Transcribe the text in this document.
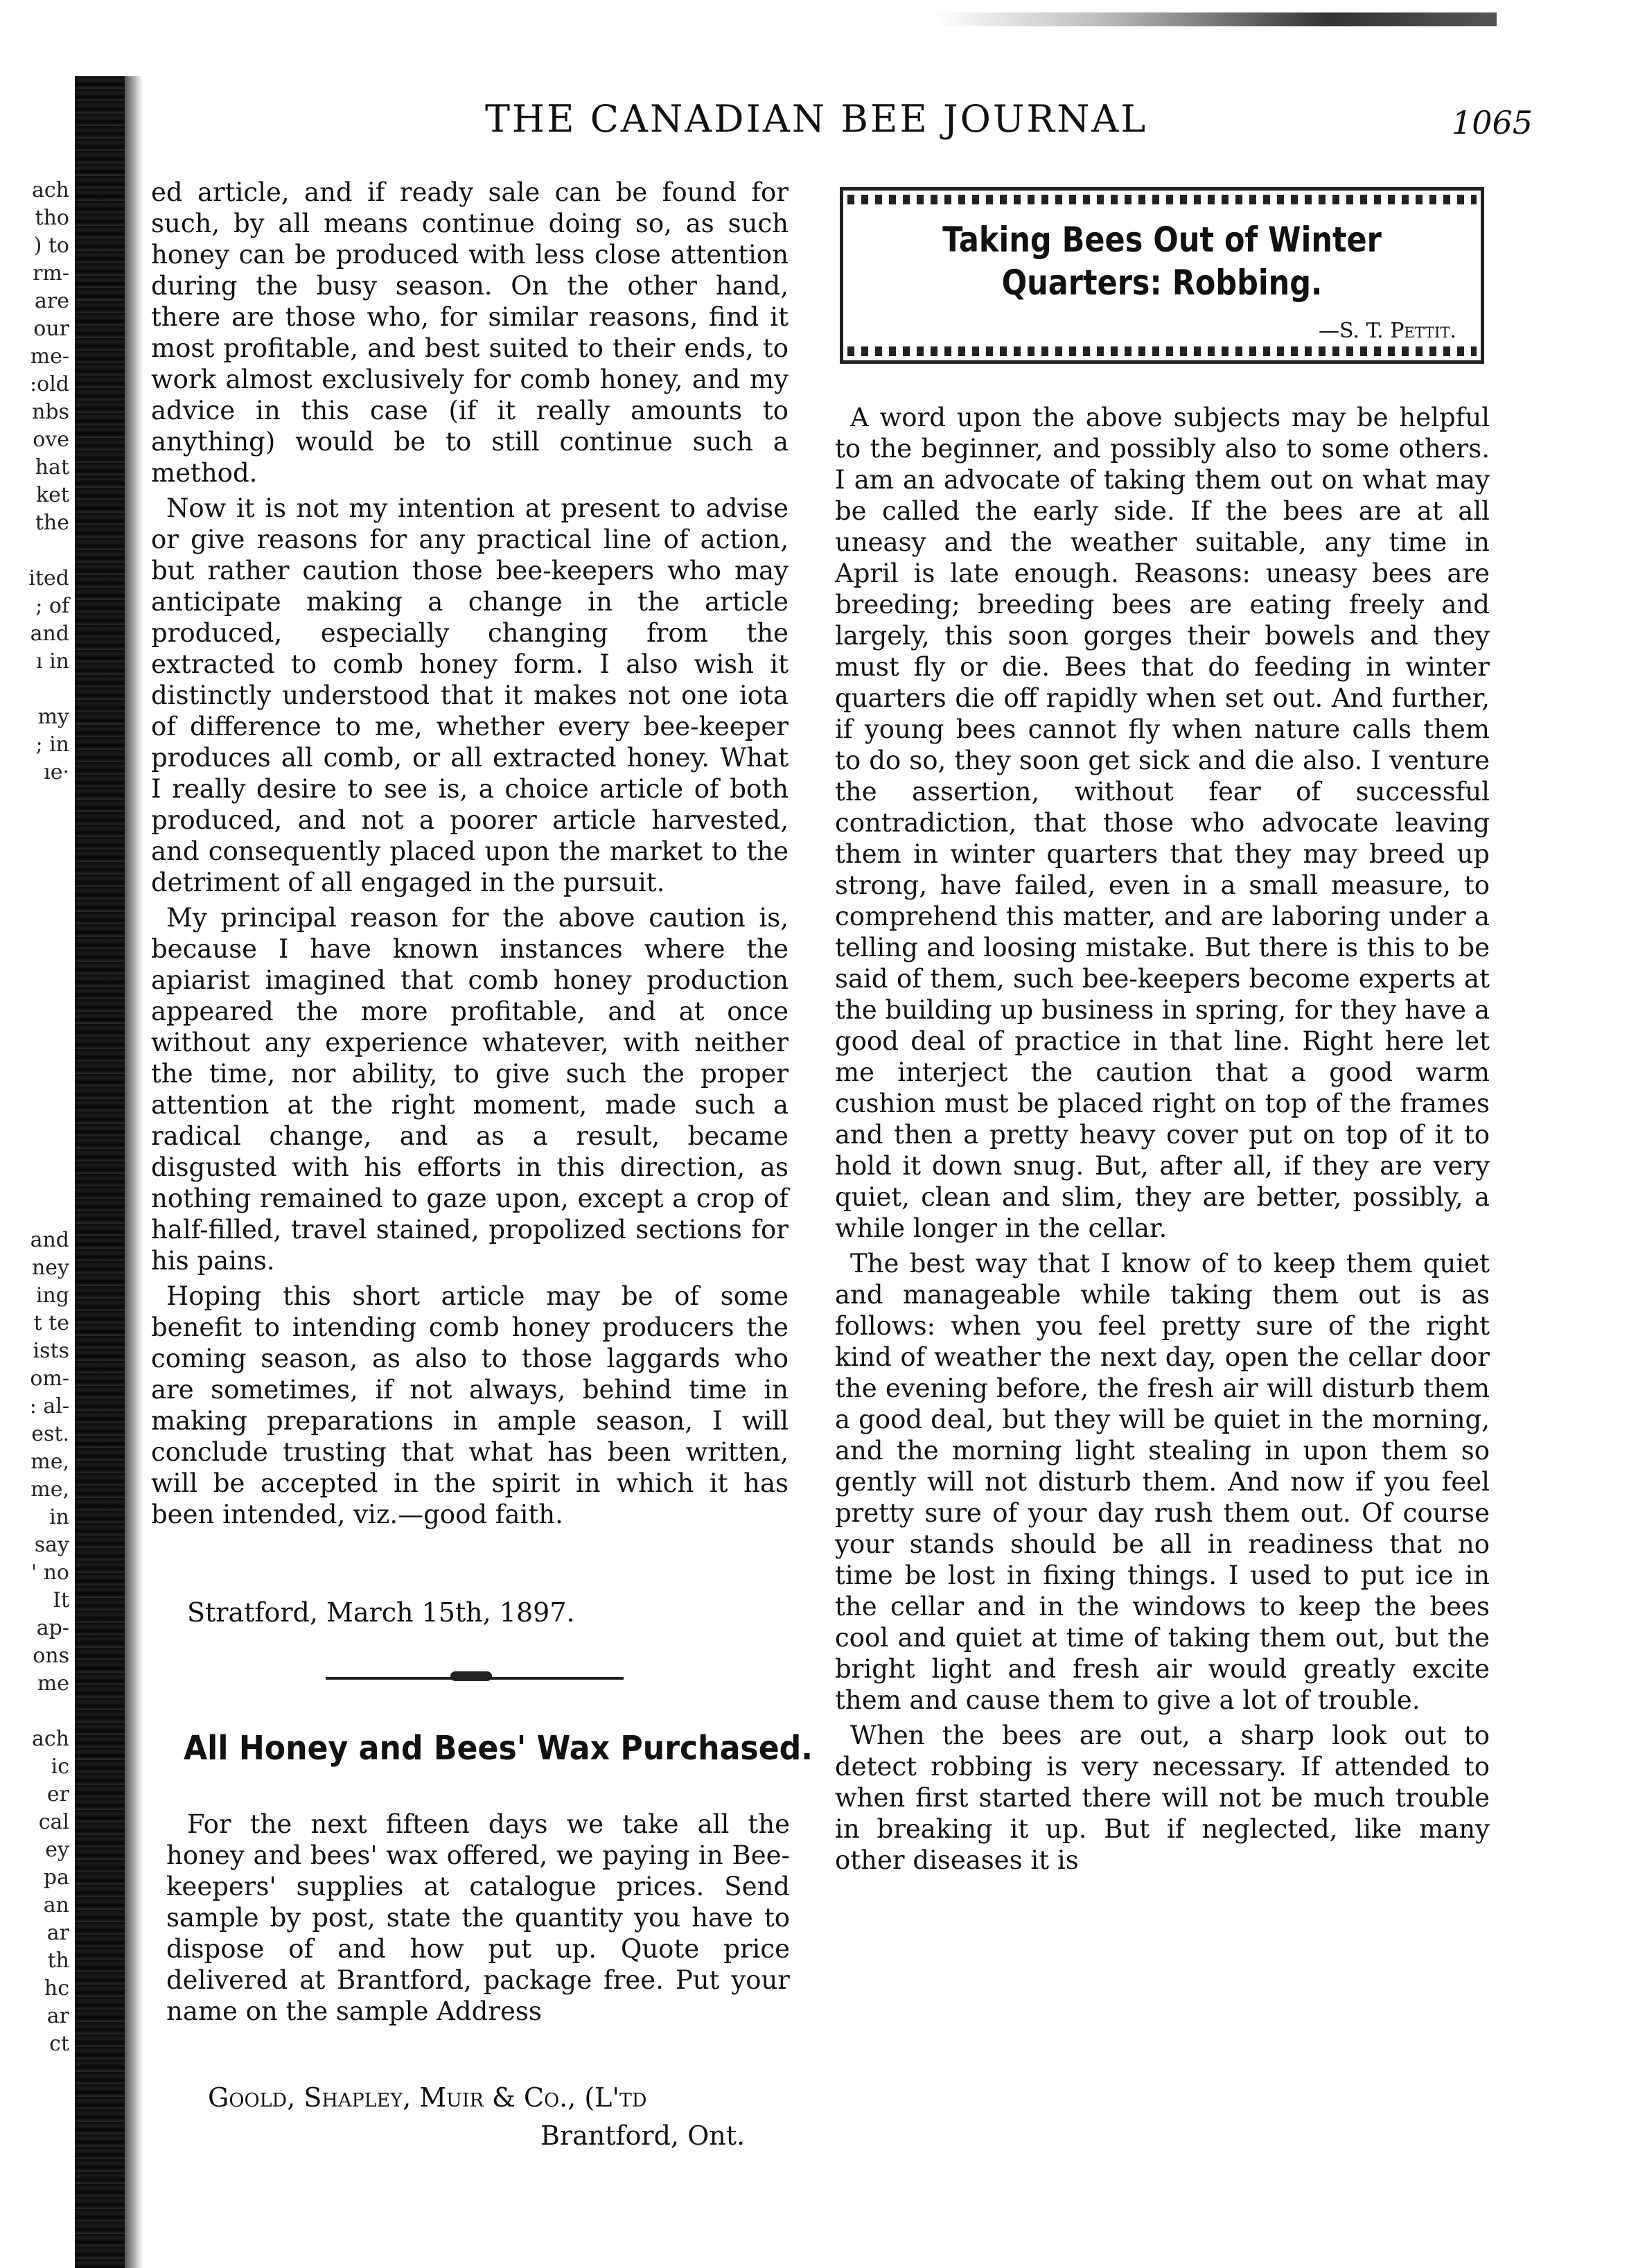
ach
tho
) to
rm-
are
our
me-
:old
nbs
ove
hat
ket
the

ited
; of
and
ı in

my
; in
ıe·
and
ney
ing
t te
ists
om-
: al-
est.
me,
me,
in
say
' no
It
ap-
ons
me

ach
ic
er
cal
ey
pa
an
ar
th
hc
ar
ct
THE CANADIAN BEE JOURNAL	1065

ed article, and if ready sale can be found for such, by all means continue doing so, as such honey can be produced with less close attention during the busy season. On the other hand, there are those who, for similar reasons, find it most profitable, and best suited to their ends, to work almost exclusively for comb honey, and my advice in this case (if it really amounts to anything) would be to still continue such a method.

Now it is not my intention at present to advise or give reasons for any practical line of action, but rather caution those bee-keepers who may anticipate making a change in the article produced, especially changing from the extracted to comb honey form. I also wish it distinctly understood that it makes not one iota of difference to me, whether every bee-keeper produces all comb, or all extracted honey. What I really desire to see is, a choice article of both produced, and not a poorer article harvested, and consequently placed upon the market to the detriment of all engaged in the pursuit.

My principal reason for the above caution is, because I have known instances where the apiarist imagined that comb honey production appeared the more profitable, and at once without any experience whatever, with neither the time, nor ability, to give such the proper attention at the right moment, made such a radical change, and as a result, became disgusted with his efforts in this direction, as nothing remained to gaze upon, except a crop of half-filled, travel stained, propolized sections for his pains.

Hoping this short article may be of some benefit to intending comb honey producers the coming season, as also to those laggards who are sometimes, if not always, behind time in making preparations in ample season, I will conclude trusting that what has been written, will be accepted in the spirit in which it has been intended, viz.—good faith.

Stratford, March 15th, 1897.
All Honey and Bees' Wax Purchased.

For the next fifteen days we take all the honey and bees' wax offered, we paying in Bee-keepers' supplies at catalogue prices. Send sample by post, state the quantity you have to dispose of and how put up. Quote price delivered at Brantford, package free. Put your name on the sample Address

Goold, Shapley, Muir & Co., (L'td
Brantford, Ont.
Taking Bees Out of Winter
Quarters: Robbing.
—S. T. Pettit.

A word upon the above subjects may be helpful to the beginner, and possibly also to some others. I am an advocate of taking them out on what may be called the early side. If the bees are at all uneasy and the weather suitable, any time in April is late enough. Reasons: uneasy bees are breeding; breeding bees are eating freely and largely, this soon gorges their bowels and they must fly or die. Bees that do feeding in winter quarters die off rapidly when set out. And further, if young bees cannot fly when nature calls them to do so, they soon get sick and die also. I venture the assertion, without fear of successful contradiction, that those who advocate leaving them in winter quarters that they may breed up strong, have failed, even in a small measure, to comprehend this matter, and are laboring under a telling and loosing mistake. But there is this to be said of them, such bee-keepers become experts at the building up business in spring, for they have a good deal of practice in that line. Right here let me interject the caution that a good warm cushion must be placed right on top of the frames and then a pretty heavy cover put on top of it to hold it down snug. But, after all, if they are very quiet, clean and slim, they are better, possibly, a while longer in the cellar.

The best way that I know of to keep them quiet and manageable while taking them out is as follows: when you feel pretty sure of the right kind of weather the next day, open the cellar door the evening before, the fresh air will disturb them a good deal, but they will be quiet in the morning, and the morning light stealing in upon them so gently will not disturb them. And now if you feel pretty sure of your day rush them out. Of course your stands should be all in readiness that no time be lost in fixing things. I used to put ice in the cellar and in the windows to keep the bees cool and quiet at time of taking them out, but the bright light and fresh air would greatly excite them and cause them to give a lot of trouble.

When the bees are out, a sharp look out to detect robbing is very necessary. If attended to when first started there will not be much trouble in breaking it up. But if neglected, like many other diseases it is
